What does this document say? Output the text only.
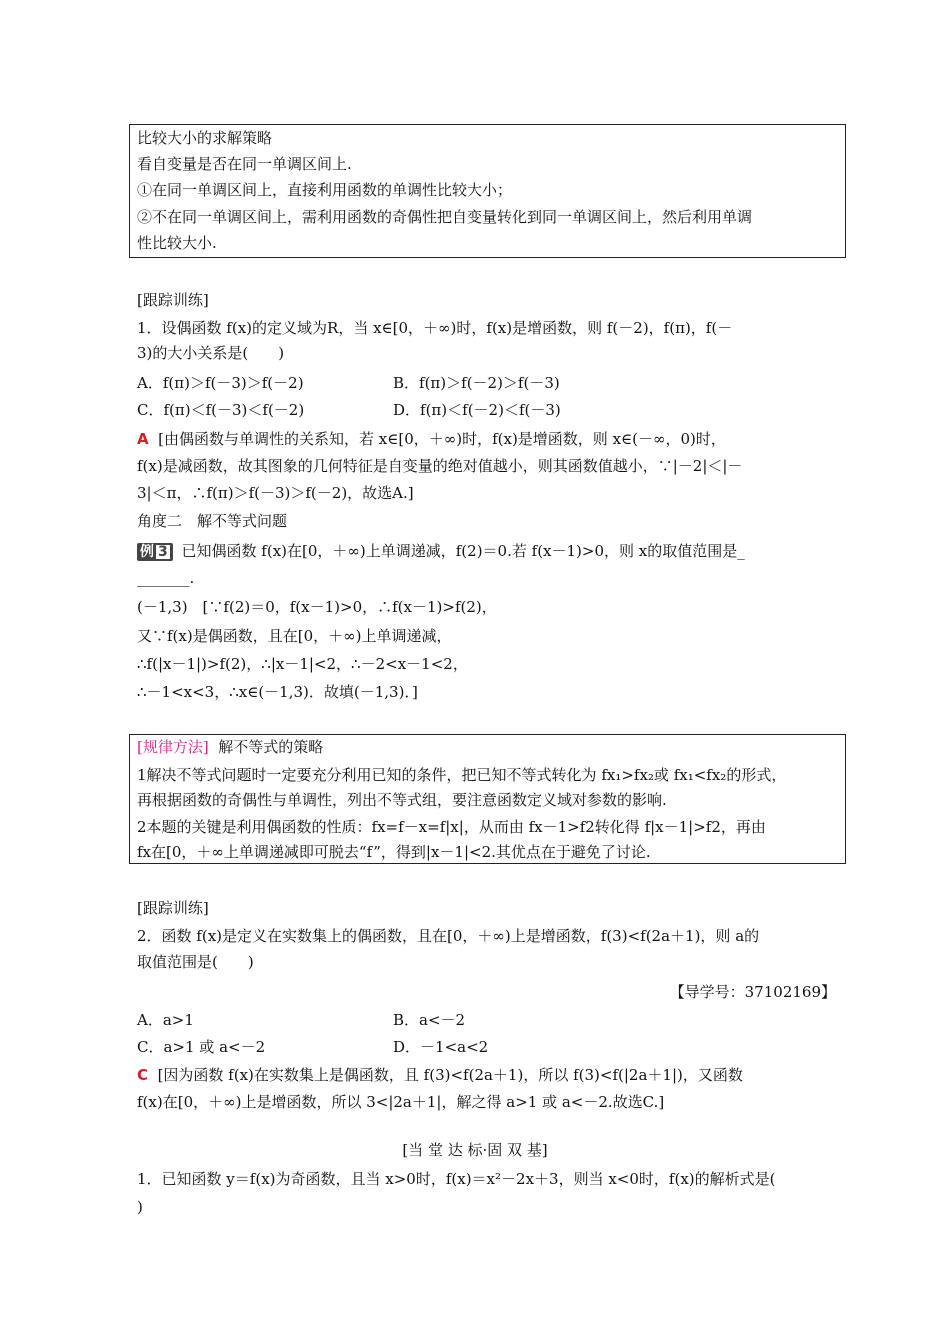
比较大小的求解策略
看自变量是否在同一单调区间上.
①在同一单调区间上，直接利用函数的单调性比较大小；
②不在同一单调区间上，需利用函数的奇偶性把自变量转化到同一单调区间上，然后利用单调
性比较大小.
[跟踪训练]
1．设偶函数 f(x)的定义域为R，当 x∈[0，＋∞)时，f(x)是增函数，则 f(－2)，f(π)，f(－
3)的大小关系是(　　)
A．f(π)＞f(－3)＞f(－2)	B．f(π)＞f(－2)＞f(－3)
C．f(π)＜f(－3)＜f(－2)	D．f(π)＜f(－2)＜f(－3)
A [由偶函数与单调性的关系知，若 x∈[0，＋∞)时，f(x)是增函数，则 x∈(－∞，0)时，
f(x)是减函数，故其图象的几何特征是自变量的绝对值越小，则其函数值越小，∵|－2|＜|－
3|＜π，∴f(π)＞f(－3)＞f(－2)，故选A.]
角度二　解不等式问题
例 3 已知偶函数 f(x)在[0，＋∞)上单调递减，f(2)＝0.若 f(x－1)>0，则 x的取值范围是_
_______.
(－1,3)　[∵f(2)＝0，f(x－1)>0，∴f(x－1)>f(2)，
又∵f(x)是偶函数，且在[0，＋∞)上单调递减，
∴f(|x－1|)>f(2)，∴|x－1|<2，∴－2<x－1<2，
∴－1<x<3，∴x∈(－1,3)．故填(－1,3)．]
[规律方法] 解不等式的策略
1解决不等式问题时一定要充分利用已知的条件，把已知不等式转化为 fx₁>fx₂或 fx₁<fx₂的形式，
再根据函数的奇偶性与单调性，列出不等式组，要注意函数定义域对参数的影响.
2本题的关键是利用偶函数的性质：fx=f－x=f|x|，从而由 fx－1>f2转化得 f|x－1|>f2，再由
fx在[0，＋∞上单调递减即可脱去“f”，得到|x－1|<2.其优点在于避免了讨论.
[跟踪训练]
2．函数 f(x)是定义在实数集上的偶函数，且在[0，＋∞)上是增函数，f(3)<f(2a＋1)，则 a的
取值范围是(　　)
【导学号：37102169】
A．a>1	B．a<－2
C．a>1 或 a<－2	D．－1<a<2
C [因为函数 f(x)在实数集上是偶函数，且 f(3)<f(2a＋1)，所以 f(3)<f(|2a＋1|)，又函数
f(x)在[0，＋∞)上是增函数，所以 3<|2a＋1|，解之得 a>1 或 a<－2.故选C.]
[当 堂 达 标·固 双 基]
1．已知函数 y＝f(x)为奇函数，且当 x>0时，f(x)＝x²－2x＋3，则当 x<0时，f(x)的解析式是(
)
